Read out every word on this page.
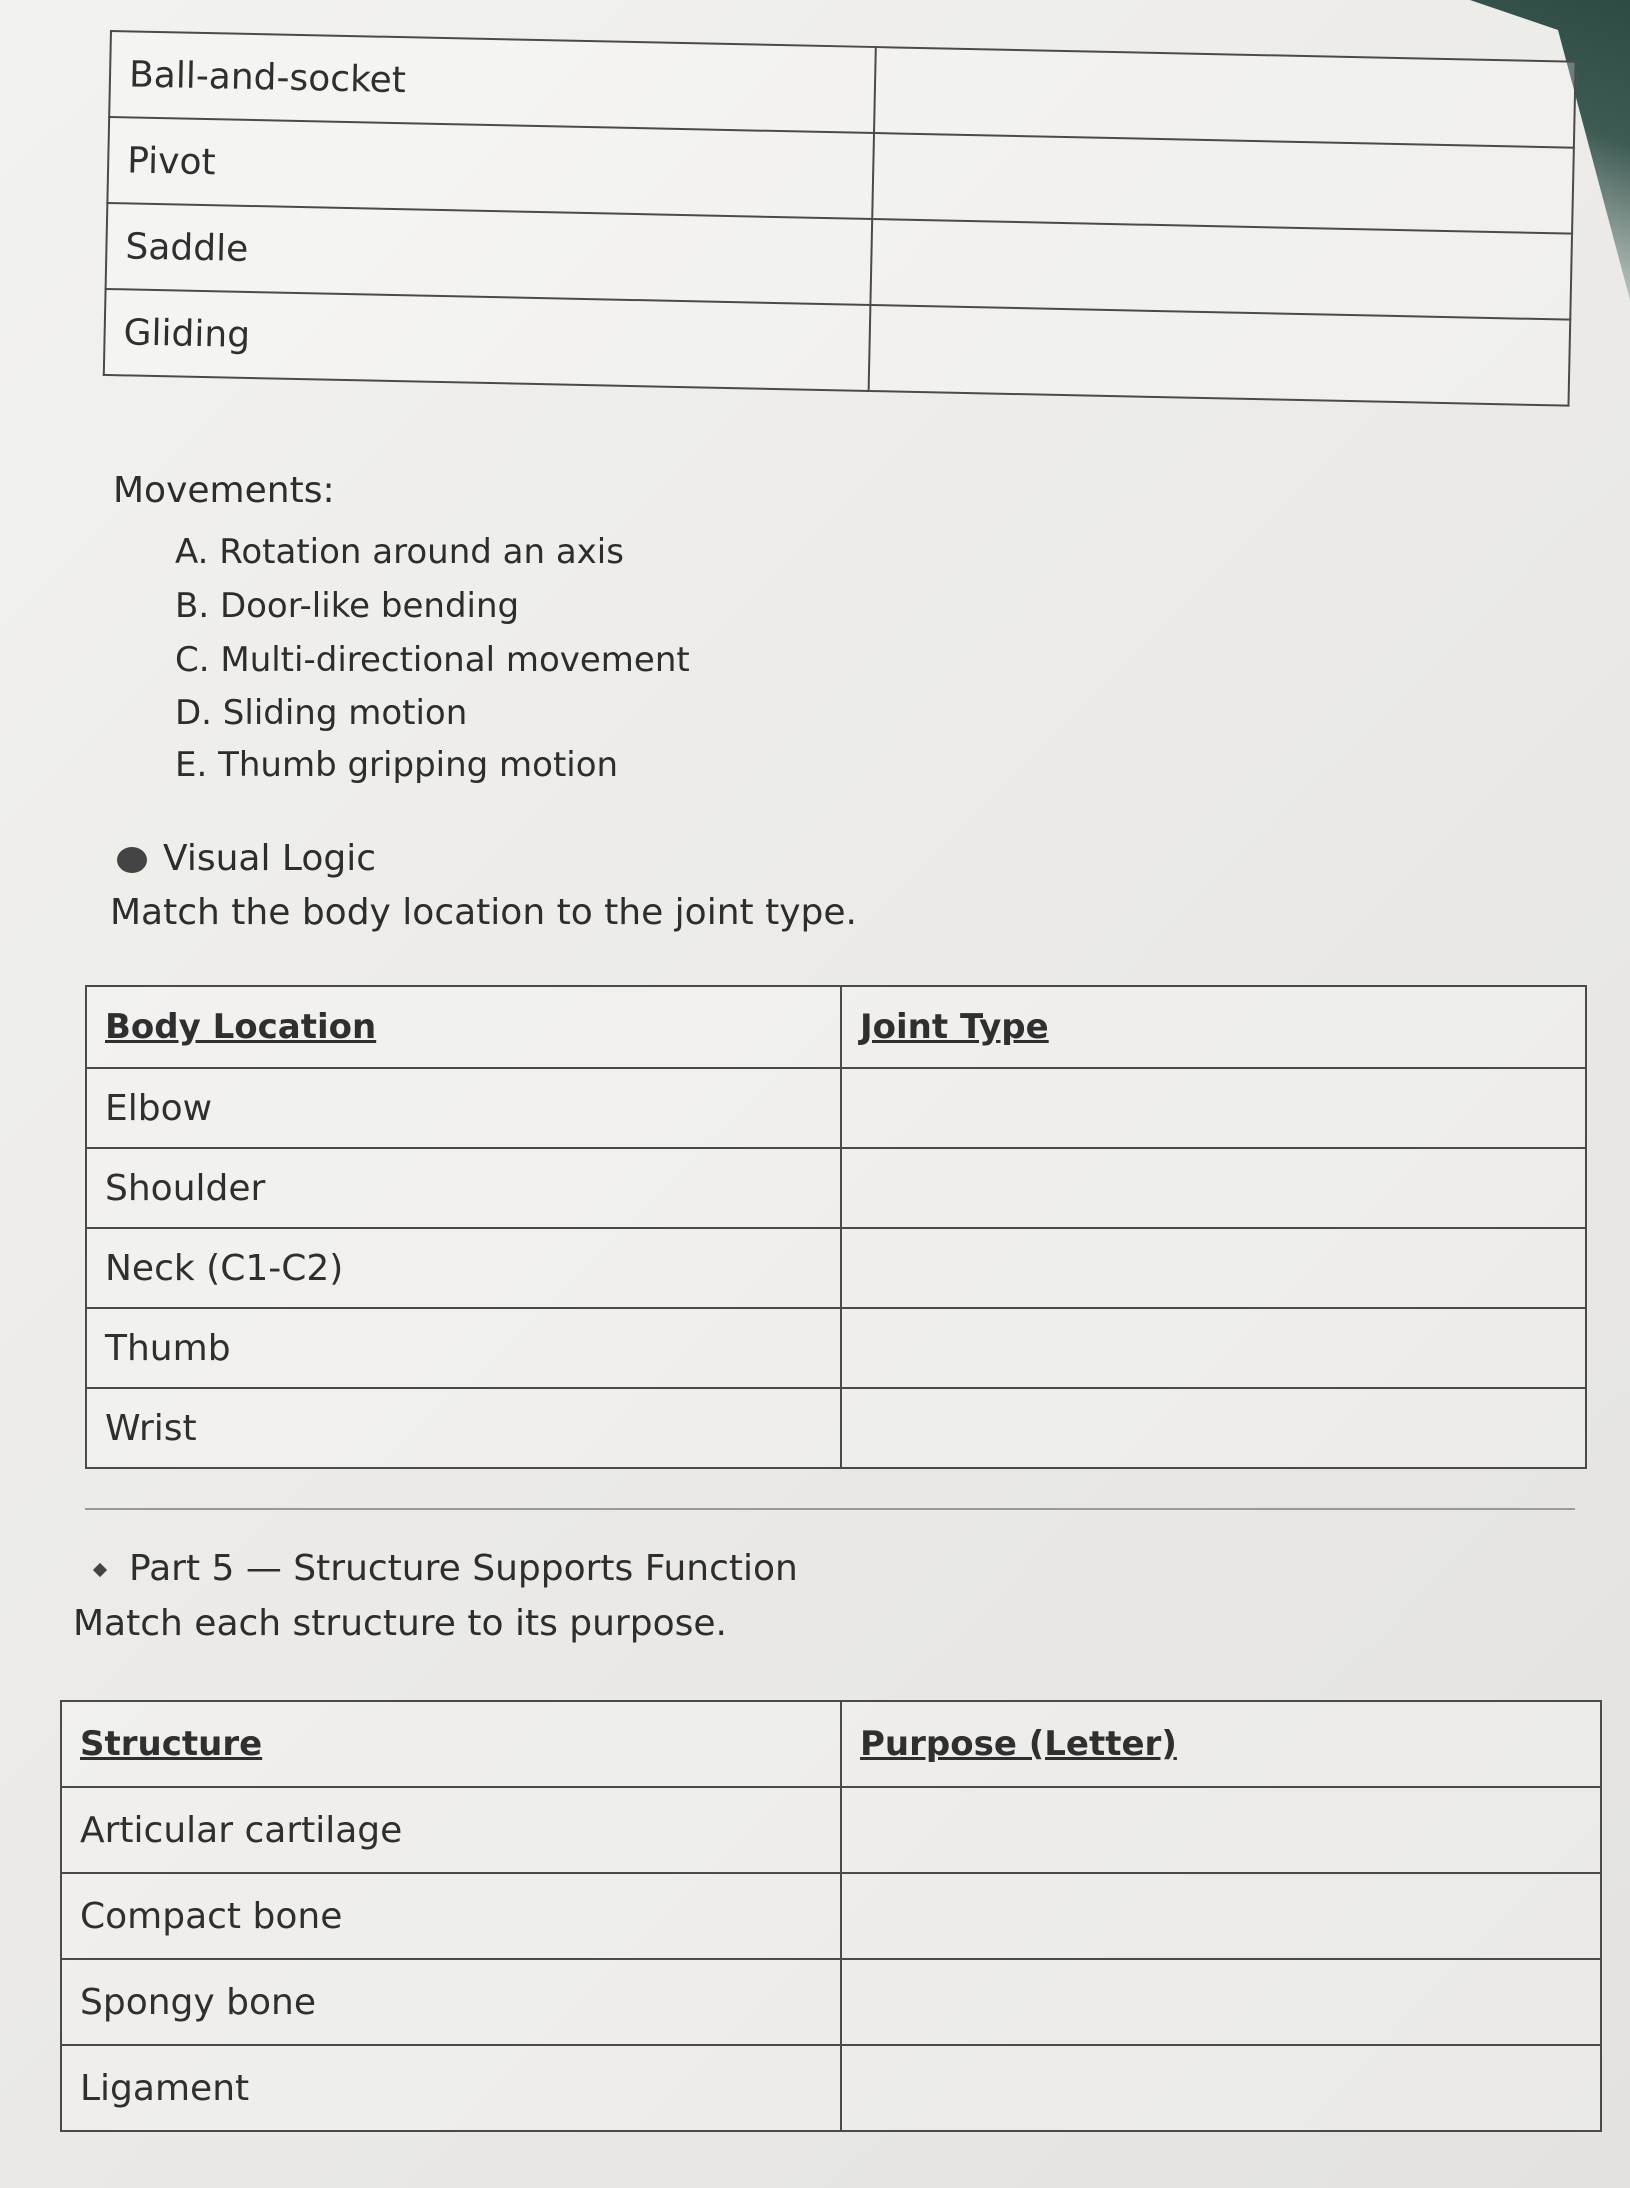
Ball-and-socket	
Pivot	
Saddle	
Gliding	
Movements:
A. Rotation around an axis
B. Door-like bending
C. Multi-directional movement
D. Sliding motion
E. Thumb gripping motion
Visual Logic
Match the body location to the joint type.
Body Location	Joint Type
Elbow	
Shoulder	
Neck (C1-C2)	
Thumb	
Wrist	
Part 5 — Structure Supports Function
Match each structure to its purpose.
Structure	Purpose (Letter)
Articular cartilage	
Compact bone	
Spongy bone	
Ligament	
